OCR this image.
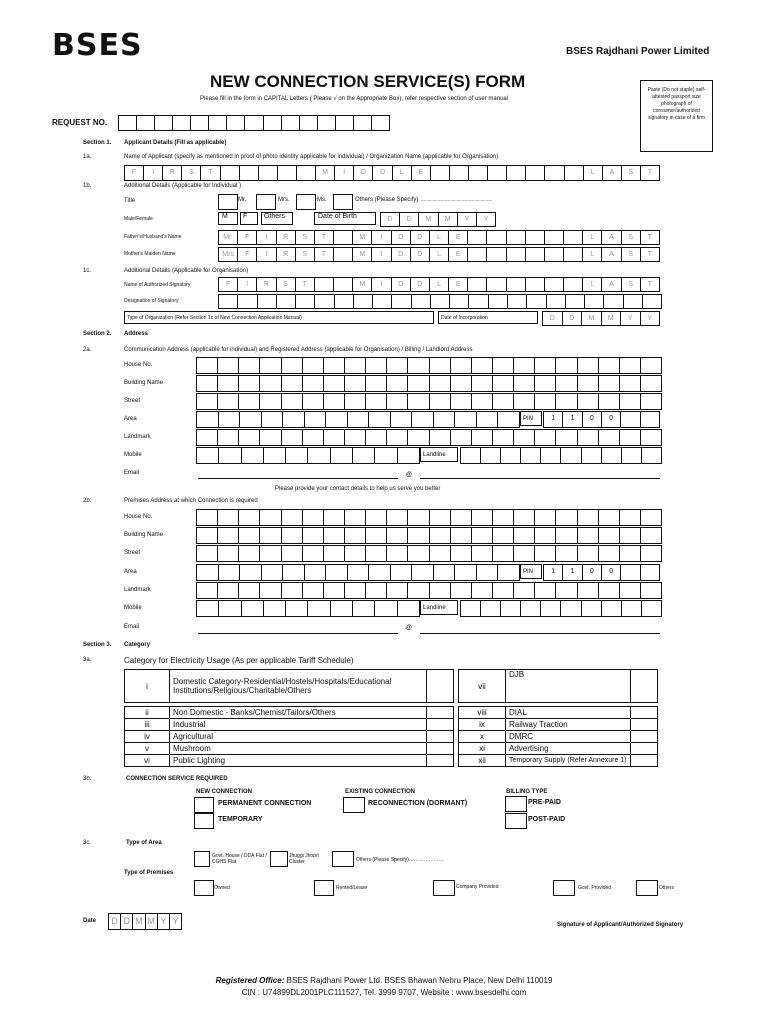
BSES	BSES Rajdhani Power Limited
NEW CONNECTION SERVICE(S) FORM
Please fill in the form in CAPITAL Letters ( Please √ on the Appropriate Box), refer respective section of user manual
Paste (Do not staple) self-attested passport size photograph of consumer/authorized signatory in case of a firm
REQUEST NO.
Section 1. Applicant Details (Fill as applicable)
1a.	Name of Applicant (specify as mentioned in proof of photo identity applicable for individual) / Organization Name (applicable for Organisation)
F	I	R	S	T	M	I	D	D	L	E	L	A	S	T
1b.	Additional Details (Applicable for Individual )
Title	Mr.	Mrs.	Ms.	Others (Please Specify) ………………………………
Male/Female	M	F	Others	Date of Birth	D	D	M	M	Y	Y
Father's/Husband's Name	Mr.	F	I	R	S	T	M	I	D	D	L	E	L	A	S	T
Mother's Maiden Name	Mrs	F	I	R	S	T	M	I	D	D	L	E	L	A	S	T
1c.	Additional Details (Applicable for Organisation)
Name of Authorized Signatory	F	I	R	S	T	M	I	D	D	L	E	L	A	S	T
Designation of Signatory
Type of Organization (Refer Section 1c of New Connection Application Manual)	Date of Incorporation	D	D	M	M	Y	Y
Section 2. Address
2a.	Communication Address (applicable for individual) and Registered Address (applicable for Organisation) / Billing / Landlord Address
House No.
Building Name
Street
Area	PIN	1	1	0	0
Landmark
Mobile	Landline
Email	@
Please provide your contact details to help us serve you better
2b.	Premises Address at which Connection is required
House No.
Building Name
Street
Area	PIN	1	1	0	0
Landmark
Mobile	Landline
Email	@
Section 3. Category
3a.	Category for Electricity Usage (As per applicable Tariff Schedule)
i	Domestic Category-Residential/Hostels/Hospitals/Educational Institutions/Religious/Charitable/Others	

ii	Non Domestic - Banks/Chemist/Tailors/Others	
iii	Industrial	
iv	Agricultural	
v	Mushroom	
vi	Public Lighting	
vii	DJB	

viii	DIAL	
ix	Railway Traction	
x	DMRC	
xi	Advertising	
xii	Temporary Supply (Refer Annexure 1)	
3b.	CONNECTION SERVICE REQUIRED
NEW CONNECTION
PERMANENT CONNECTION
TEMPORARY
EXISTING CONNECTION
RECONNECTION (DORMANT)
BILLING TYPE
PRE-PAID
POST-PAID
3c.	Type of Area
Govt. House / DDA Flat / CGHS Flat
Jhuggi Jhopri Cluster	Others (Please Specify)…………………
Type of Premises
Owned	Rented/Lease	Company Provided	Govt. Provided	Others
Date	D D M M Y Y	Signature of Applicant/Authorized Signatory
Registered Office: BSES Rajdhani Power Ltd. BSES Bhawan Nehru Place, New Delhi 110019
CIN : U74899DL2001PLC111527, Tel. 3999 9707, Website : www.bsesdelhi.com
